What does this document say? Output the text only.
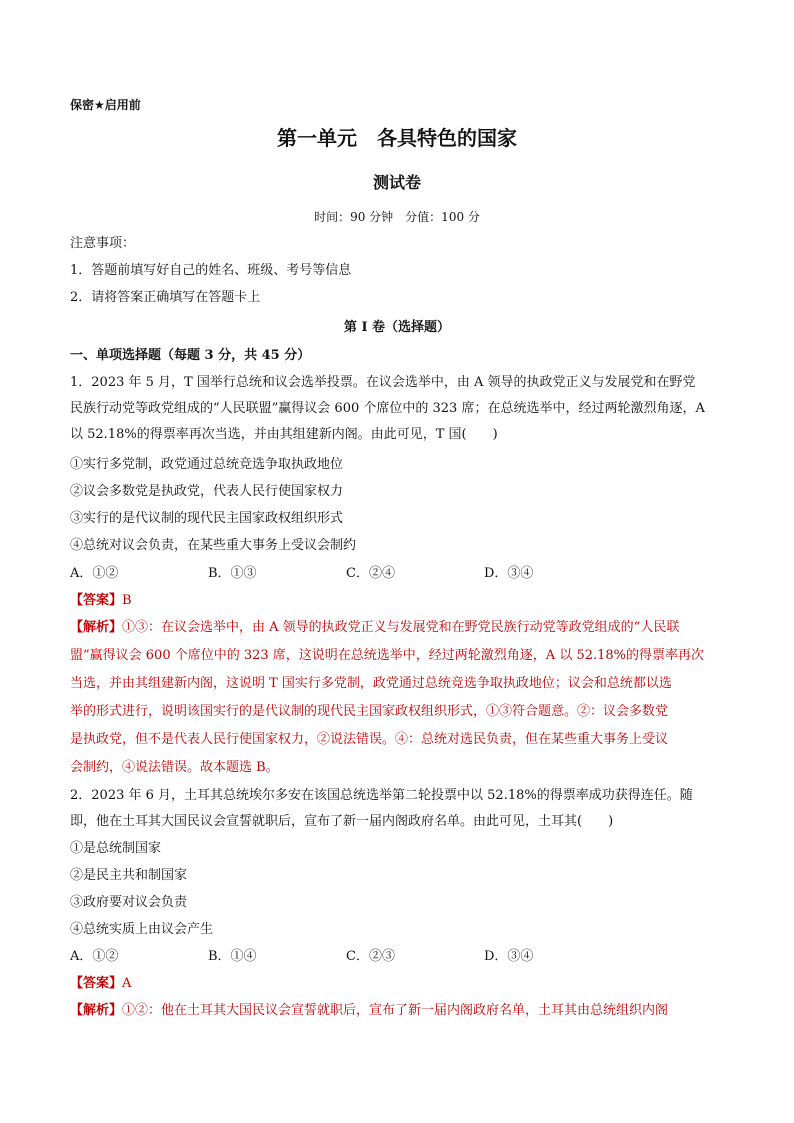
保密★启用前
第一单元　各具特色的国家
测试卷
时间：90 分钟　分值：100 分
注意事项：
1．答题前填写好自己的姓名、班级、考号等信息
2．请将答案正确填写在答题卡上
第 I 卷（选择题）
一、单项选择题（每题 3 分，共 45 分）
1．2023 年 5 月，T 国举行总统和议会选举投票。在议会选举中，由 A 领导的执政党正义与发展党和在野党
民族行动党等政党组成的“人民联盟”赢得议会 600 个席位中的 323 席；在总统选举中，经过两轮激烈角逐，A
以 52.18%的得票率再次当选，并由其组建新内阁。由此可见，T 国(　　)
①实行多党制，政党通过总统竞选争取执政地位
②议会多数党是执政党，代表人民行使国家权力
③实行的是代议制的现代民主国家政权组织形式
④总统对议会负责，在某些重大事务上受议会制约
A．①②	B．①③	C．②④	D．③④
【答案】B
【解析】①③：在议会选举中，由 A 领导的执政党正义与发展党和在野党民族行动党等政党组成的“人民联
盟”赢得议会 600 个席位中的 323 席，这说明在总统选举中，经过两轮激烈角逐，A 以 52.18%的得票率再次
当选，并由其组建新内阁，这说明 T 国实行多党制，政党通过总统竞选争取执政地位；议会和总统都以选
举的形式进行，说明该国实行的是代议制的现代民主国家政权组织形式，①③符合题意。②：议会多数党
是执政党，但不是代表人民行使国家权力，②说法错误。④：总统对选民负责，但在某些重大事务上受议
会制约，④说法错误。故本题选 B。
2．2023 年 6 月，土耳其总统埃尔多安在该国总统选举第二轮投票中以 52.18%的得票率成功获得连任。随
即，他在土耳其大国民议会宣誓就职后，宣布了新一届内阁政府名单。由此可见，土耳其(　　)
①是总统制国家
②是民主共和制国家
③政府要对议会负责
④总统实质上由议会产生
A．①②	B．①④	C．②③	D．③④
【答案】A
【解析】①②：他在土耳其大国民议会宣誓就职后，宣布了新一届内阁政府名单，土耳其由总统组织内阁
